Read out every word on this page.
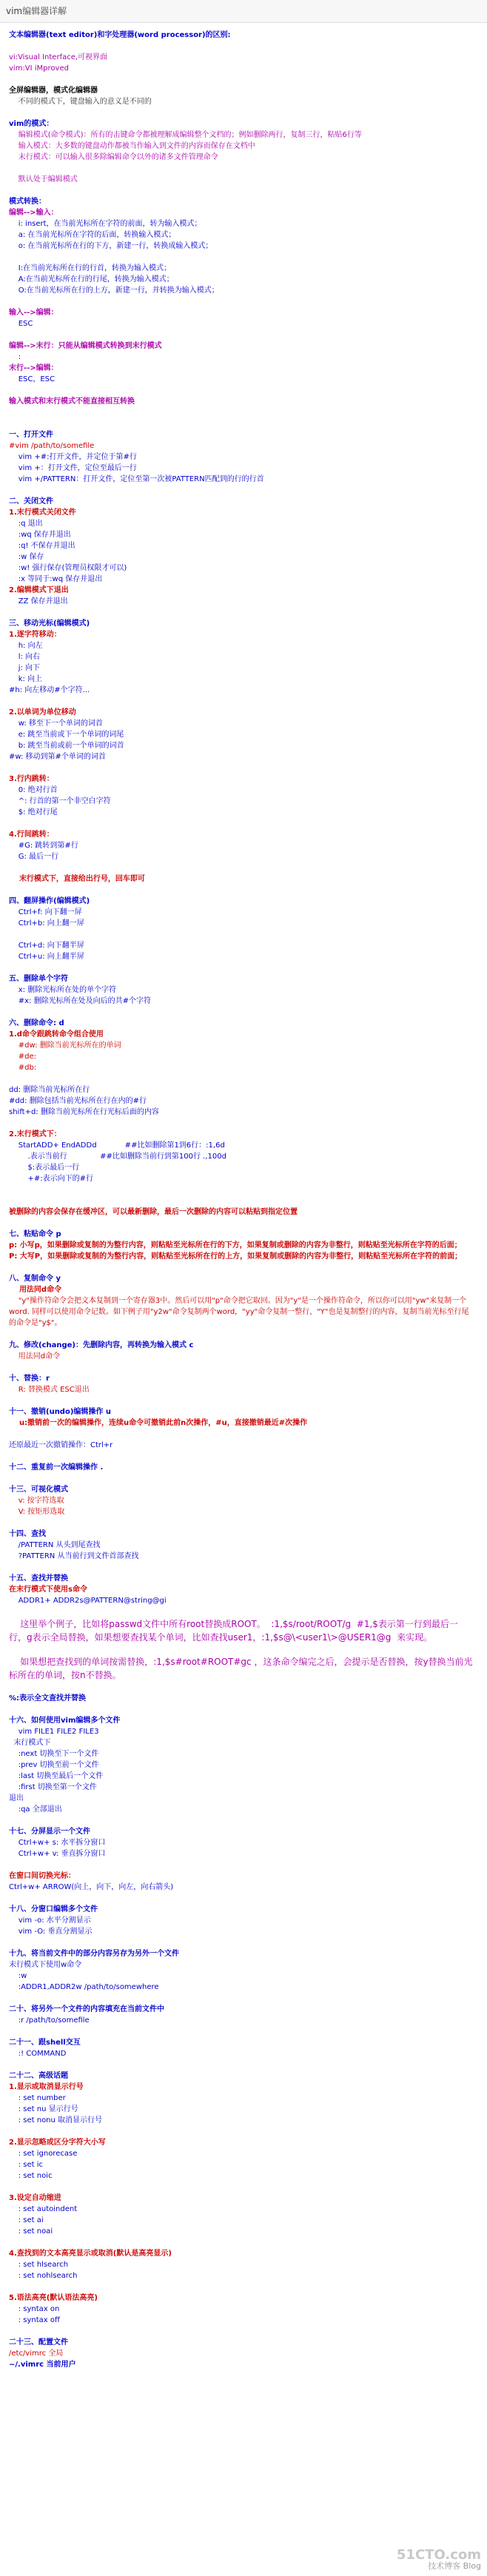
vim编辑器详解
文本编辑器(text editor)和字处理器(word processor)的区别:
vi:Visual Interface,可视界面
vim:VI iMproved
全屏编辑器，模式化编辑器
不同的模式下，键盘输入的意义是不同的
vim的模式：
编辑模式(命令模式)：所有的击键命令都被理解成编辑整个文档的；例如删除两行，复制三行，粘贴6行等
输入模式：大多数的键盘动作都被当作输入到文件的内容而保存在文档中
末行模式：可以输入很多除编辑命令以外的诸多文件管理命令
默认处于编辑模式
模式转换：
编辑-->输入：
i: insert，在当前光标所在字符的前面，转为输入模式；
a: 在当前光标所在字符的后面，转换输入模式；
o: 在当前光标所在行的下方，新建一行，转换成输入模式；
I:在当前光标所在行的行首，转换为输入模式；
A:在当前光标所在行的行尾，转换为输入模式；
O:在当前光标所在行的上方，新建一行，并转换为输入模式；
输入-->编辑：
ESC
编辑-->末行：只能从编辑模式转换到末行模式
:
末行-->编辑：
ESC，ESC
输入模式和末行模式不能直接相互转换
一、打开文件
#vim /path/to/somefile
vim +#:打开文件，并定位于第#行
vim +：打开文件，定位至最后一行
vim +/PATTERN：打开文件，定位至第一次被PATTERN匹配到的行的行首
二、关闭文件
1.末行模式关闭文件
:q 退出
:wq 保存并退出
:q! 不保存并退出
:w 保存
:w! 强行保存(管理员权限才可以)
:x 等同于:wq 保存并退出
2.编辑模式下退出
ZZ 保存并退出
三、移动光标(编辑模式)
1.逐字符移动：
h: 向左
l: 向右
j: 向下
k: 向上
#h: 向左移动#个字符...
2.以单词为单位移动
w: 移至下一个单词的词首
e: 跳至当前或下一个单词的词尾
b: 跳至当前或前一个单词的词首
#w: 移动到第#个单词的词首
3.行内跳转：
0: 绝对行首
^: 行首的第一个非空白字符
$: 绝对行尾
4.行间跳转：
#G: 跳转到第#行
G: 最后一行
末行模式下，直接给出行号，回车即可
四、翻屏操作(编辑模式)
Ctrl+f: 向下翻一屏
Ctrl+b: 向上翻一屏
Ctrl+d: 向下翻半屏
Ctrl+u: 向上翻半屏
五、删除单个字符
x: 删除光标所在处的单个字符
#x: 删除光标所在处及向后的共#个字符
六、删除命令: d
1.d命令跟跳转命令组合使用
#dw: 删除当前光标所在的单词
#de:
#db:
dd: 删除当前光标所在行
#dd: 删除包括当前光标所在行在内的#行
shift+d: 删除当前光标所在行光标后面的内容
2.末行模式下：
StartADD+ EndADDd            ##比如删除第1到6行：:1,6d
.表示当前行              ##比如删除当前行到第100行 .,100d
$:表示最后一行
+#:表示向下的#行
被删除的内容会保存在缓冲区，可以最新删除，最后一次删除的内容可以粘贴到指定位置
七、粘贴命令 p
p: 小写p，如果删除或复制的为整行内容，则粘贴至光标所在行的下方，如果复制或删除的内容为非整行，则粘贴至光标所在字符的后面；
P: 大写P，如果删除或复制的为整行内容，则粘贴至光标所在行的上方，如果复制或删除的内容为非整行，则粘贴至光标所在字符的前面；
八、复制命令 y
用法同d命令
"y"操作符命令会把文本复制到一个寄存器3中。然后可以用"p"命令把它取回。因为"y"是一个操作符命令，所以你可以用"yw"来复制一个word. 同样可以使用命令记数。如下例子用"y2w"命令复制两个word，"yy"命令复制一整行，"Y"也是复制整行的内容，复制当前光标至行尾的命令是"y$"。
九、修改(change)：先删除内容，再转换为输入模式 c
用法同d命令
十、替换：r
R: 替换模式 ESC退出
十一、撤销(undo)编辑操作 u
u:撤销前一次的编辑操作，连续u命令可撤销此前n次操作，#u，直接撤销最近#次操作
还原最近一次撤销操作：Ctrl+r
十二、重复前一次编辑操作 .
十三、可视化模式
v: 按字符选取
V: 按矩形选取
十四、查找
/PATTERN 从头到尾查找
?PATTERN 从当前行到文件首部查找
十五、查找并替换
在末行模式下使用s命令
ADDR1+ ADDR2s@PATTERN@string@gi
这里举个例子，比如将passwd文件中所有root替换成ROOT。  :1,$s/root/ROOT/g  #1,$表示第一行到最后一行，g表示全局替换，如果想要查找某个单词，比如查找user1，:1,$s@\<user1\>@USER1@g  来实现。
如果想把查找到的单词按需替换，:1,$s#root#ROOT#gc ，这条命令编完之后，会提示是否替换，按y替换当前光标所在的单词，按n不替换。
%:表示全文查找并替换
十六、如何使用vim编辑多个文件
vim FILE1 FILE2 FILE3
末行模式下
:next 切换至下一个文件
:prev 切换至前一个文件
:last 切换至最后一个文件
:first 切换至第一个文件
退出
:qa 全部退出
十七、分屏显示一个文件
Ctrl+w+ s: 水平拆分窗口
Ctrl+w+ v: 垂直拆分窗口
在窗口间切换光标：
Ctrl+w+ ARROW(向上，向下，向左，向右箭头)
十八、分窗口编辑多个文件
vim -o: 水平分割显示
vim -O: 垂直分割显示
十九、将当前文件中的部分内容另存为另外一个文件
末行模式下使用w命令
:w
:ADDR1,ADDR2w /path/to/somewhere
二十、将另外一个文件的内容填充在当前文件中
:r /path/to/somefile
二十一、跟shell交互
:! COMMAND
二十二、高级话题
1.显示或取消显示行号
: set number
: set nu 显示行号
: set nonu 取消显示行号
2.显示忽略或区分字符大小写
: set ignorecase
: set ic
: set noic
3.设定自动缩进
: set autoindent
: set ai
: set noai
4.查找到的文本高亮显示或取消(默认是高亮显示)
: set hlsearch
: set nohlsearch
5.语法高亮(默认语法高亮)
: syntax on
: syntax off
二十三、配置文件
/etc/vimrc 全局
~/.vimrc 当前用户
51CTO.com
技术博客 Blog
